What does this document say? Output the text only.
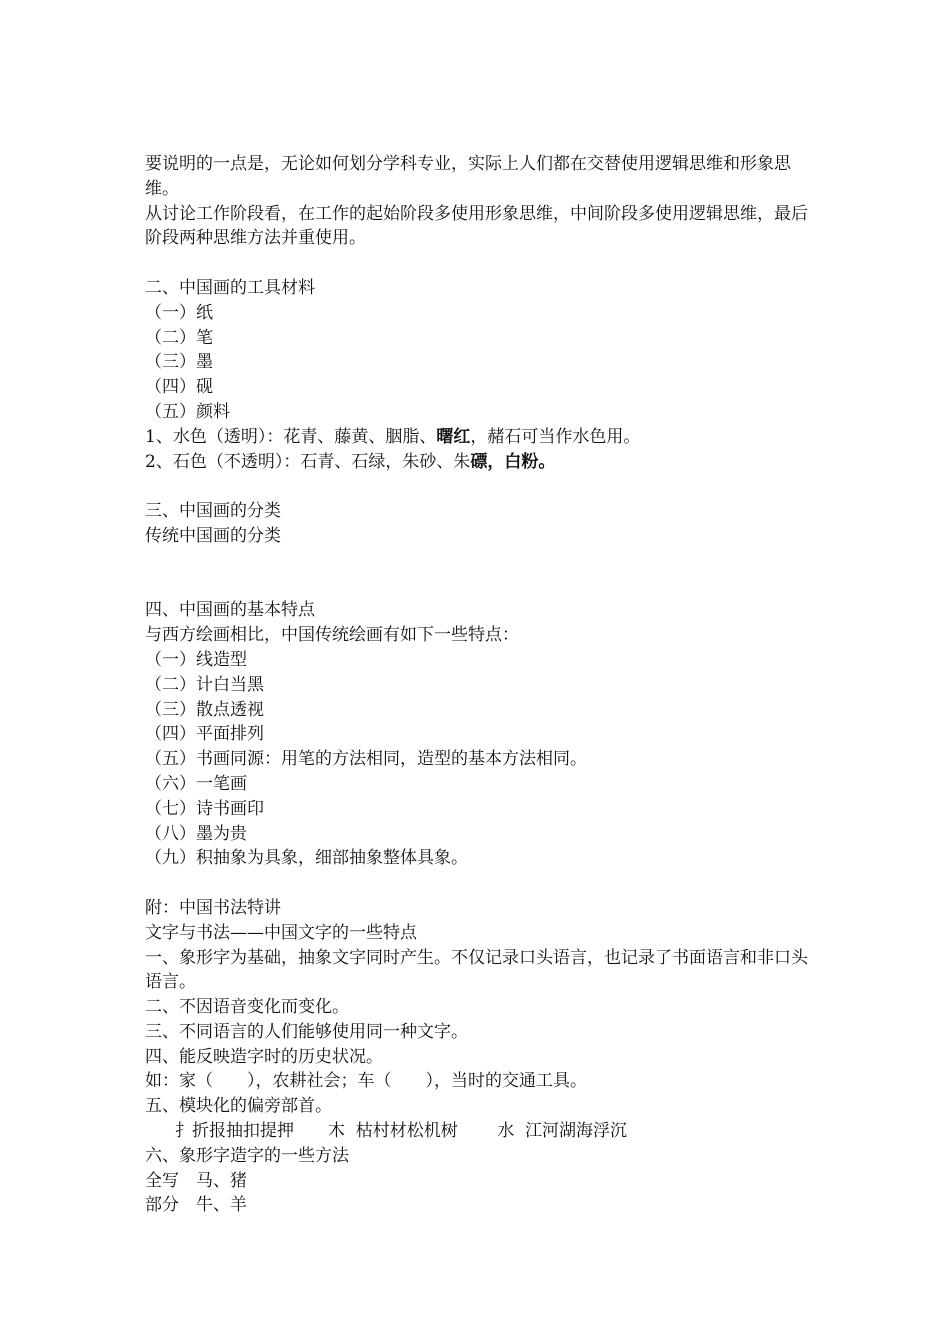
要说明的一点是，无论如何划分学科专业，实际上人们都在交替使用逻辑思维和形象思维。

从讨论工作阶段看，在工作的起始阶段多使用形象思维，中间阶段多使用逻辑思维，最后阶段两种思维方法并重使用。

二、中国画的工具材料

（一）纸

（二）笔

（三）墨

（四）砚

（五）颜料

1、水色（透明）：花青、藤黄、胭脂、曙红，赭石可当作水色用。

2、石色（不透明）：石青、石绿，朱砂、朱磦，白粉。

三、中国画的分类

传统中国画的分类

四、中国画的基本特点

与西方绘画相比，中国传统绘画有如下一些特点：

（一）线造型

（二）计白当黑

（三）散点透视

（四）平面排列

（五）书画同源：用笔的方法相同，造型的基本方法相同。

（六）一笔画

（七）诗书画印

（八）墨为贵

（九）积抽象为具象，细部抽象整体具象。

附：中国书法特讲

文字与书法——中国文字的一些特点

一、象形字为基础，抽象文字同时产生。不仅记录口头语言，也记录了书面语言和非口头语言。

二、不因语音变化而变化。

三、不同语言的人们能够使用同一种文字。

四、能反映造字时的历史状况。

如：家（　　），农耕社会；车（　　），当时的交通工具。

五、模块化的偏旁部首。

扌折报抽扣提押　　木  枯村材松机树　　 水  江河湖海浮沉

六、象形字造字的一些方法

全写　马、猪

部分　牛、羊
